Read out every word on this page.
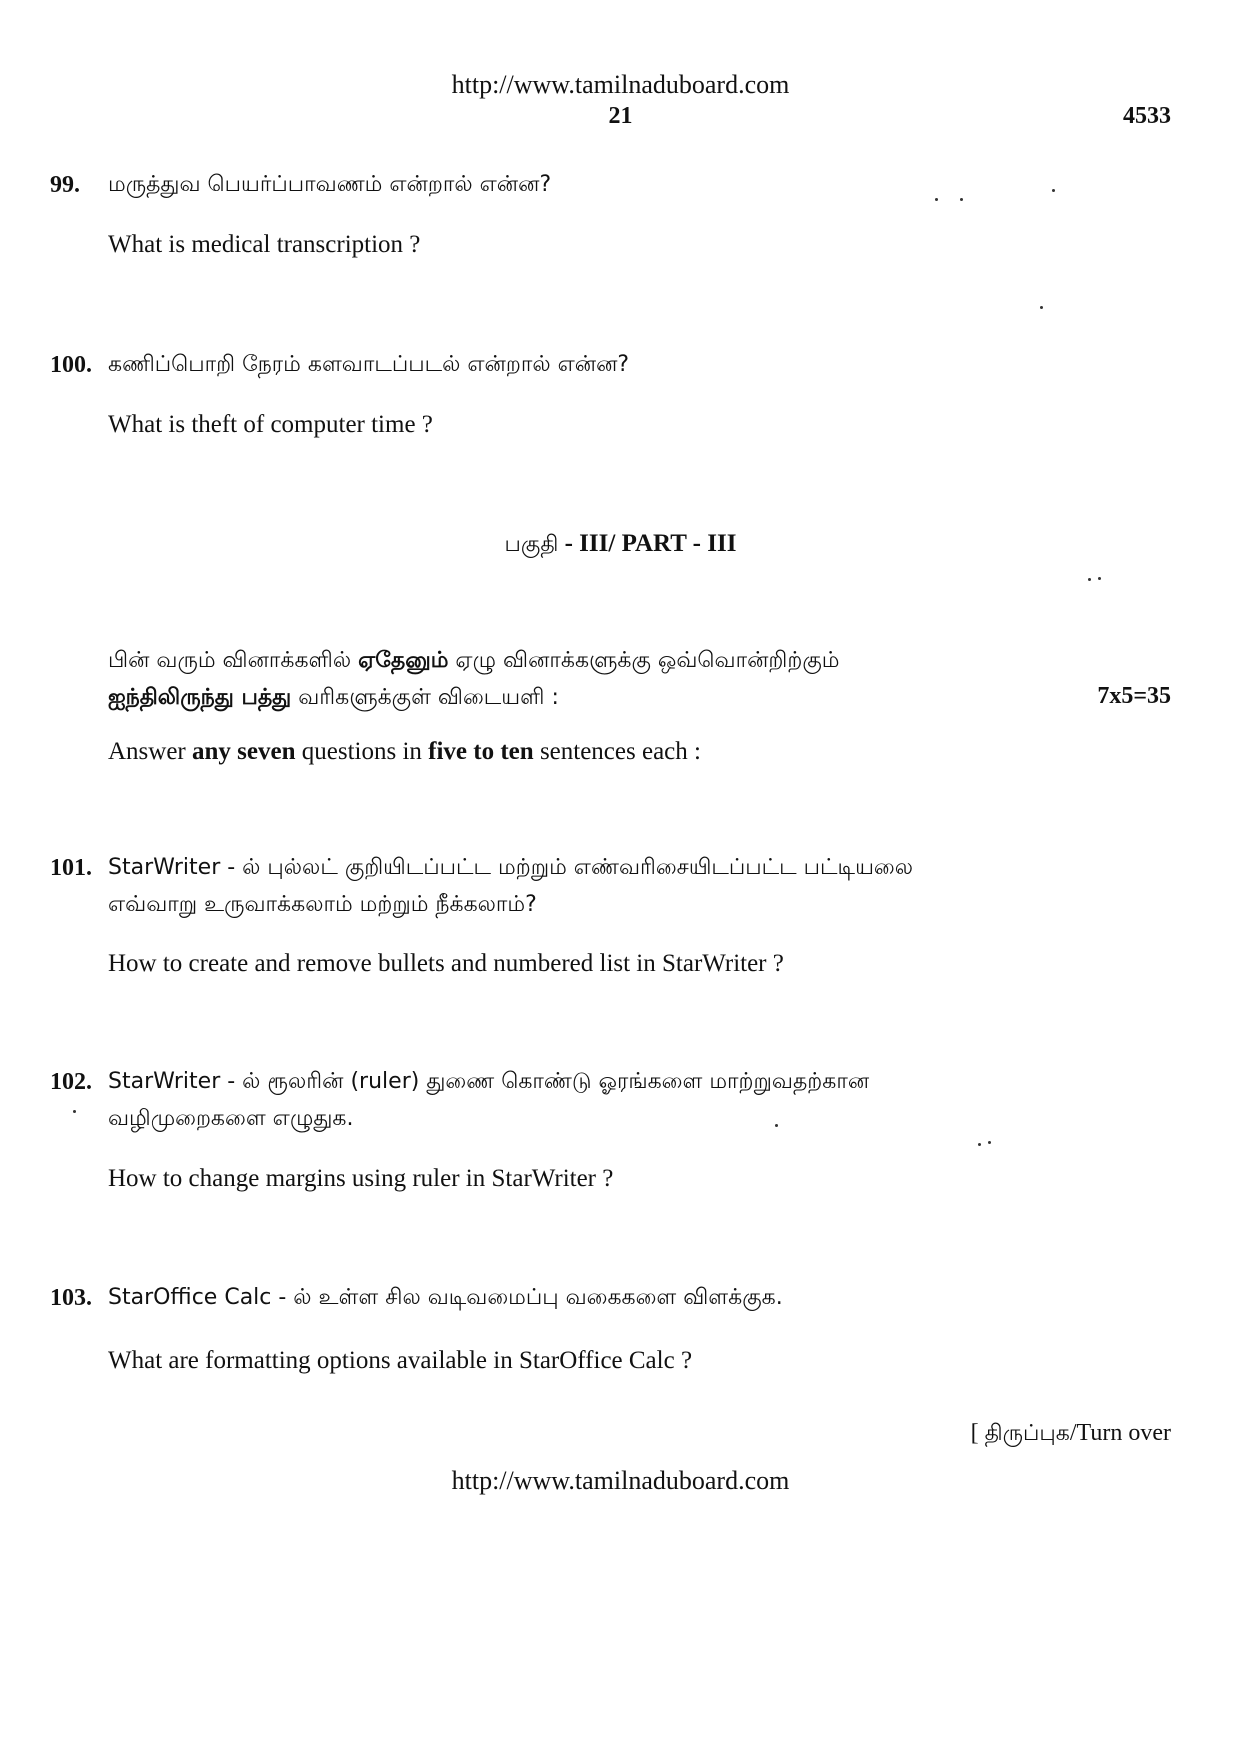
http://www.tamilnaduboard.com
21	4533
99. மருத்துவ பெயர்ப்பாவணம் என்றால் என்ன?
What is medical transcription ?
100. கணிப்பொறி நேரம் களவாடப்படல் என்றால் என்ன?
What is theft of computer time ?
பகுதி - III/ PART - III
பின் வரும் வினாக்களில் ஏதேனும் ஏழு வினாக்களுக்கு ஒவ்வொன்றிற்கும்
ஐந்திலிருந்து பத்து வரிகளுக்குள் விடையளி :	7x5=35
Answer any seven questions in five to ten sentences each :
101. StarWriter - ல் புல்லட் குறியிடப்பட்ட மற்றும் எண்வரிசையிடப்பட்ட பட்டியலை
எவ்வாறு உருவாக்கலாம் மற்றும் நீக்கலாம்?
How to create and remove bullets and numbered list in StarWriter ?
102. StarWriter - ல் ரூலரின் (ruler) துணை கொண்டு ஓரங்களை மாற்றுவதற்கான
வழிமுறைகளை எழுதுக.
How to change margins using ruler in StarWriter ?
103. StarOffice Calc - ல் உள்ள சில வடிவமைப்பு வகைகளை விளக்குக.
What are formatting options available in StarOffice Calc ?
[ திருப்புக/Turn over
http://www.tamilnaduboard.com
